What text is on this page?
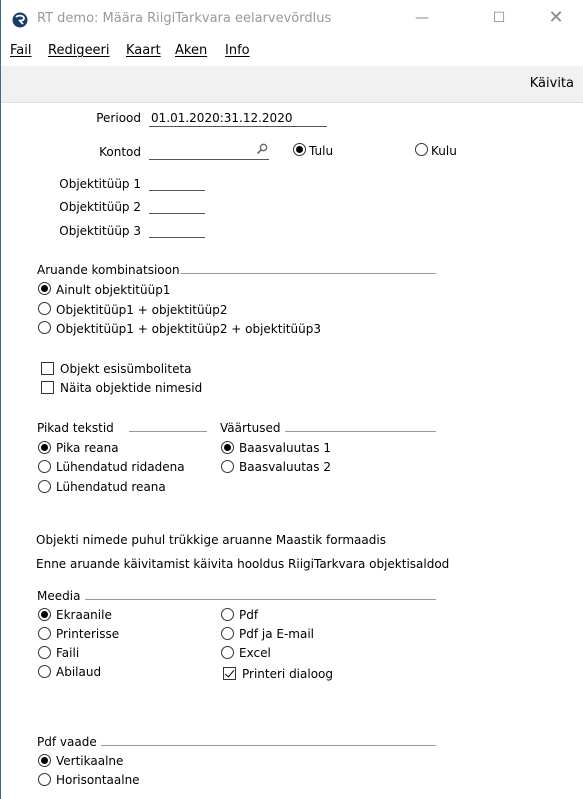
RT demo: Määra RiigiTarkvara eelarvevõrdlus	—	☐	✕
Fail Redigeeri Kaart Aken Info
Käivita
Periood 01.01.2020:31.12.2020
Kontod	Tulu	Kulu
Objektitüüp 1
Objektitüüp 2
Objektitüüp 3
Aruande kombinatsioon
Ainult objektitüüp1
Objektitüüp1 + objektitüüp2
Objektitüüp1 + objektitüüp2 + objektitüüp3
Objekt esisümboliteta
Näita objektide nimesid
Pikad tekstid
Pika reana
Lühendatud ridadena
Lühendatud reana
Väärtused
Baasvaluutas 1
Baasvaluutas 2
Objekti nimede puhul trükkige aruanne Maastik formaadis
Enne aruande käivitamist käivita hooldus RiigiTarkvara objektisaldod
Meedia
Ekraanile
Printerisse
Faili
Abilaud
Pdf
Pdf ja E-mail
Excel
Printeri dialoog
Pdf vaade
Vertikaalne
Horisontaalne
